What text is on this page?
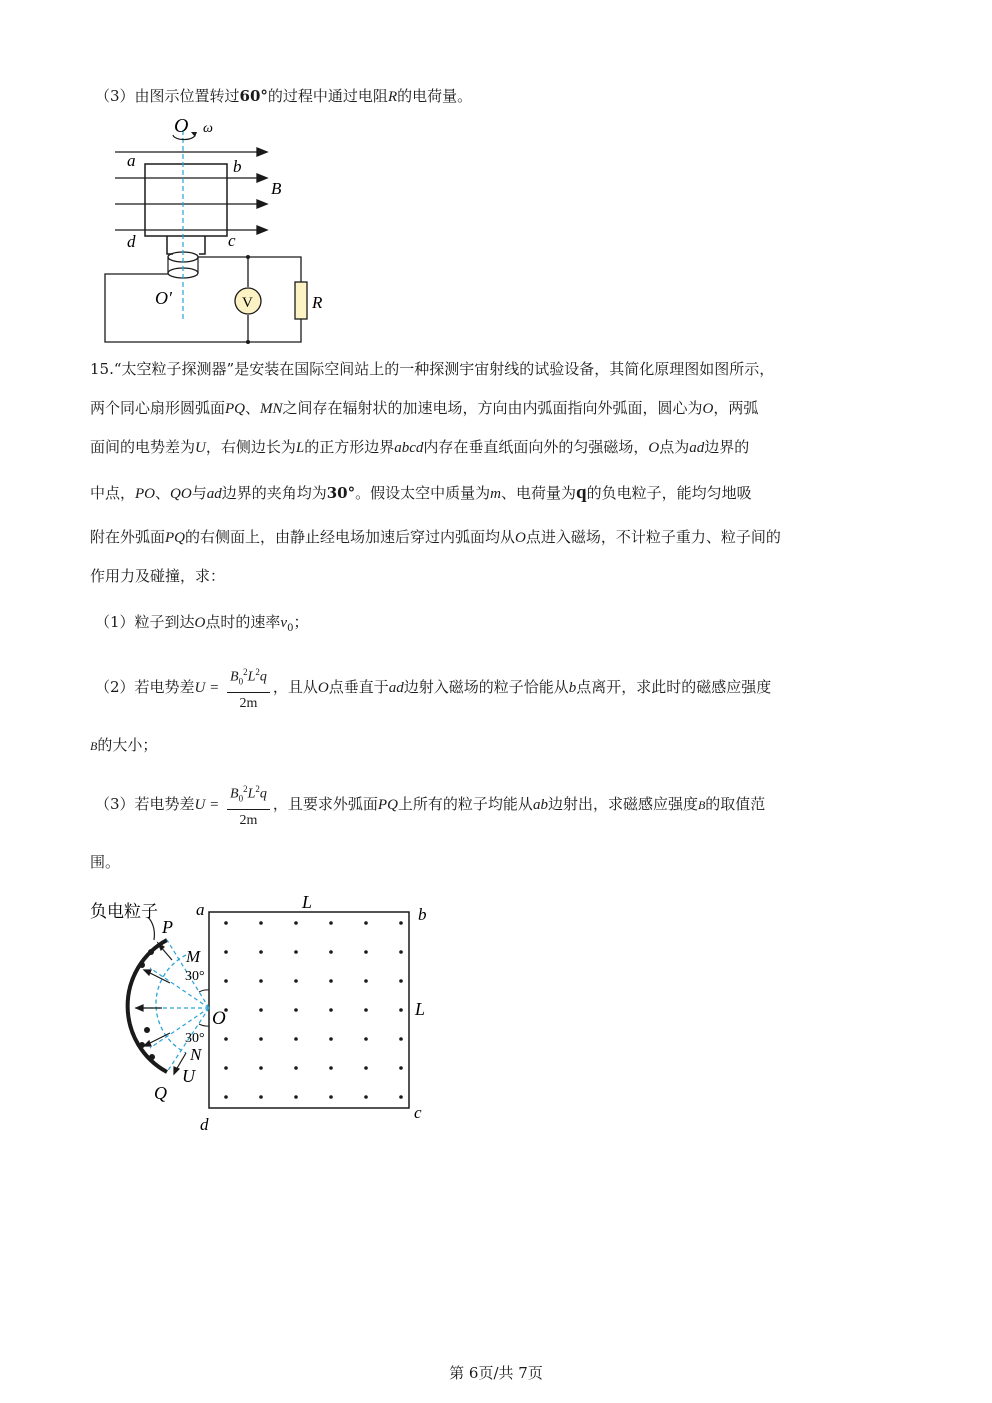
（3）由图示位置转过60°的过程中通过电阻R的电荷量。
O ω
a	b
B
d	c
O′	V	R
15.“太空粒子探测器”是安装在国际空间站上的一种探测宇宙射线的试验设备，其简化原理图如图所示，
两个同心扇形圆弧面PQ、MN之间存在辐射状的加速电场，方向由内弧面指向外弧面，圆心为O，两弧
面间的电势差为U，右侧边长为L的正方形边界abcd内存在垂直纸面向外的匀强磁场，O点为ad边界的
中点，PO、QO与ad边界的夹角均为30°。假设太空中质量为m、电荷量为q的负电粒子，能均匀地吸
附在外弧面PQ的右侧面上，由静止经电场加速后穿过内弧面均从O点进入磁场，不计粒子重力、粒子间的
作用力及碰撞，求：
（1）粒子到达O点时的速率$v_0$；
（2）若电势差$U = \frac{B_0^2L^2q}{2m}$ ，且从O点垂直于ad边射入磁场的粒子恰能从b点离开，求此时的磁感应强度
B的大小；
（3）若电势差$U = \frac{B_0^2L^2q}{2m}$ ，且要求外弧面PQ上所有的粒子均能从ab边射出，求磁感应强度B的取值范
围。
负电粒子
P
M
30°
O
30°
N
U
Q
a	L
b
L
c
d
第 6页/共 7页
